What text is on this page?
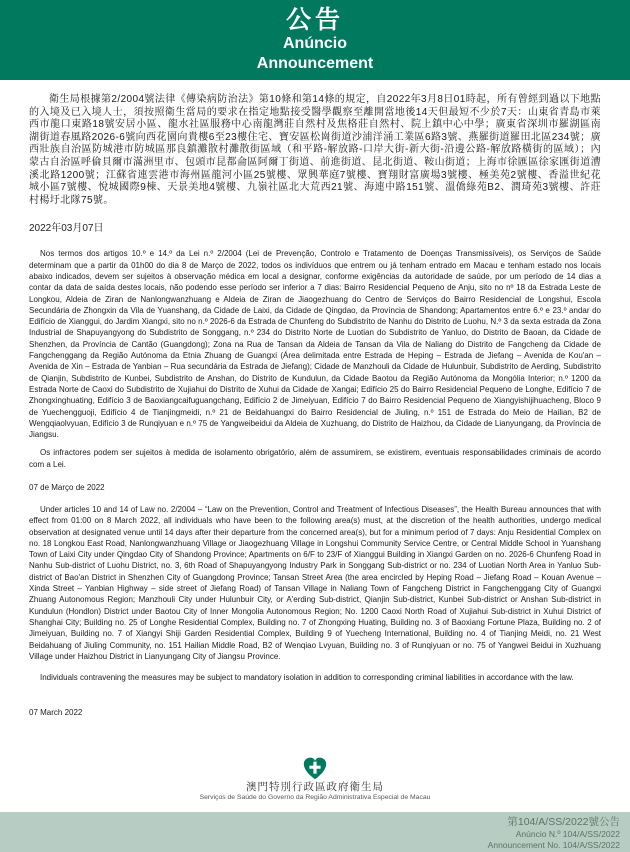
公告
Anúncio
Announcement

衛生局根據第2/2004號法律《傳染病防治法》第10條和第14條的規定，自2022年3月8日01時起，所有曾經到過以下地點的入境及已入境人士，須按照衛生當局的要求在指定地點接受醫學觀察至離開當地後14天但最短不少於7天：山東省青島市萊西市龍口東路18號安居小區、龍水社區服務中心南龍灣莊自然村及焦格莊自然村、院上鎮中心中學；廣東省深圳市羅湖區南湖街道春風路2026-6號向西花園向貴樓6至23樓住宅、寶安區松崗街道沙浦洋涌工業區6路3號、燕羅街道羅田北區234號；廣西壯族自治區防城港市防城區那良鎮灘散村灘散街區域（和平路-解放路-口岸大街-新大街-沿邊公路-解放路橫街的區域）；內蒙古自治區呼倫貝爾市滿洲里市、包頭市昆都侖區阿爾丁街道、前進街道、昆北街道、鞍山街道；上海市徐匯區徐家匯街道漕溪北路1200號；江蘇省連雲港市海州區龍河小區25號樓、眾興華庭7號樓、寶翔財富廣場3號樓、極美苑2號樓、香溢世紀花城小區7號樓、悅城國際9棟、天景美地4號樓、九嶺社區北大荒西21號、海連中路151號、溫僑綠苑B2、潤琦苑3號樓、許莊村楊圩北隊75號。

2022年03月07日

Nos termos dos artigos 10.º e 14.º da Lei n.º 2/2004 (Lei de Prevenção, Controlo e Tratamento de Doenças Transmissíveis), os Serviços de Saúde determinam que a partir da 01h00 do dia 8 de Março de 2022, todos os indivíduos que entrem ou já tenham entrado em Macau e tenham estado nos locais abaixo indicados, devem ser sujeitos à observação médica em local a designar, conforme exigências da autoridade de saúde, por um período de 14 dias a contar da data de saída destes locais, não podendo esse período ser inferior a 7 dias: Bairro Residencial Pequeno de Anju, sito no nº 18 da Estrada Leste de Longkou, Aldeia de Ziran de Nanlongwanzhuang e Aldeia de Ziran de Jiaogezhuang do Centro de Serviços do Bairro Residencial de Longshui, Escola Secundária de Zhongxin da Vila de Yuanshang, da Cidade de Laixi, da Cidade de Qingdao, da Província de Shandong; Apartamentos entre 6.º e 23.º andar do Edifício de Xianggui, do Jardim Xiangxi, sito no n.º 2026-6 da Estrada de Chunfeng do Subdistrito de Nanhu do Distrito de Luohu, N.º 3 da sexta estrada da Zona Industrial de Shapuyangyong do Subdistrito de Songgang, n.º 234 do Distrito Norte de Luotian do Subdistrito de Yanluo, do Distrito de Baoan, da Cidade de Shenzhen, da Província de Cantão (Guangdong); Zona na Rua de Tansan da Aldeia de Tansan da Vila de Naliang do Distrito de Fangcheng da Cidade de Fangchenggang da Região Autónoma da Etnia Zhuang de Guangxi (Área delimitada entre Estrada de Heping – Estrada de Jiefang – Avenida de Kou'an – Avenida de Xin – Estrada de Yanbian – Rua secundária da Estrada de Jiefang); Cidade de Manzhouli da Cidade de Hulunbuir, Subdistrito de Aerding, Subdistrito de Qianjin, Subdistrito de Kunbei, Subdistrito de Anshan, do Distrito de Kundulun, da Cidade Baotou da Região Autónoma da Mongólia Interior; n.º 1200 da Estrada Norte de Caoxi do Subdistrito de Xujiahui do Distrito de Xuhui da Cidade de Xangai; Edifício 25 do Bairro Residencial Pequeno de Longhe, Edifício 7 de Zhongxinghuating, Edifício 3 de Baoxiangcaifuguangchang, Edifício 2 de Jimeiyuan, Edifício 7 do Bairro Residencial Pequeno de Xiangyishijihuacheng, Bloco 9 de Yuechengguoji, Edifício 4 de Tianjingmeidi, n.º 21 de Beidahuangxi do Bairro Residencial de Jiuling, n.º 151 de Estrada do Meio de Hailian, B2 de Wengqiaolvyuan, Edifício 3 de Runqiyuan e n.º 75 de Yangweibeidui da Aldeia de Xuzhuang, do Distrito de Haizhou, da Cidade de Lianyungang, da Província de Jiangsu.

Os infractores podem ser sujeitos à medida de isolamento obrigatório, além de assumirem, se existirem, eventuais responsabilidades criminais de acordo com a Lei.

07 de Março de 2022

Under articles 10 and 14 of Law no. 2/2004 – “Law on the Prevention, Control and Treatment of Infectious Diseases”, the Health Bureau announces that with effect from 01:00 on 8 March 2022, all individuals who have been to the following area(s) must, at the discretion of the health authorities, undergo medical observation at designated venue until 14 days after their departure from the concerned area(s), but for a minimum period of 7 days: Anju Residential Complex on no. 18 Longkou East Road, Nanlongwanzhuang Village or Jiaogezhuang Village in Longshui Community Service Centre, or Central Middle School in Yuanshang Town of Laixi City under Qingdao City of Shandong Province; Apartments on 6/F to 23/F of Xianggui Building in Xiangxi Garden on no. 2026-6 Chunfeng Road in Nanhu Sub-district of Luohu District, no. 3, 6th Road of Shapuyangyong Industry Park in Songgang Sub-district or no. 234 of Luotian North Area in Yanluo Sub-district of Bao'an District in Shenzhen City of Guangdong Province; Tansan Street Area (the area encircled by Heping Road – Jiefang Road – Kouan Avenue – Xinda Street – Yanbian Highway – side street of Jiefang Road) of Tansan Village in Naliang Town of Fangcheng District in Fangchenggang City of Guangxi Zhuang Autonomous Region; Manzhouli City under Hulunbuir City, or A'erding Sub-district, Qianjin Sub-district, Kunbei Sub-district or Anshan Sub-district in Kundulun (Hondlon) District under Baotou City of Inner Mongolia Autonomous Region; No. 1200 Caoxi North Road of Xujiahui Sub-district in Xuhui District of Shanghai City; Building no. 25 of Longhe Residential Complex, Building no. 7 of Zhongxing Huating, Building no. 3 of Baoxiang Fortune Plaza, Building no. 2 of Jimeiyuan, Building no. 7 of Xiangyi Shiji Garden Residential Complex, Building 9 of Yuecheng International, Building no. 4 of Tianjing Meidi, no. 21 West Beidahuang of Jiuling Community, no. 151 Hailian Middle Road, B2 of Wenqiao Lvyuan, Building no. 3 of Runqiyuan or no. 75 of Yangwei Beidui in Xuzhuang Village under Haizhou District in Lianyungang City of Jiangsu Province.

Individuals contravening the measures may be subject to mandatory isolation in addition to corresponding criminal liabilities in accordance with the law.

07 March 2022

澳門特別行政區政府衛生局
Serviços de Saúde do Governo da Região Administrativa Especial de Macau
第104/A/SS/2022號公告
Anúncio N.º 104/A/SS/2022
Announcement No. 104/A/SS/2022
